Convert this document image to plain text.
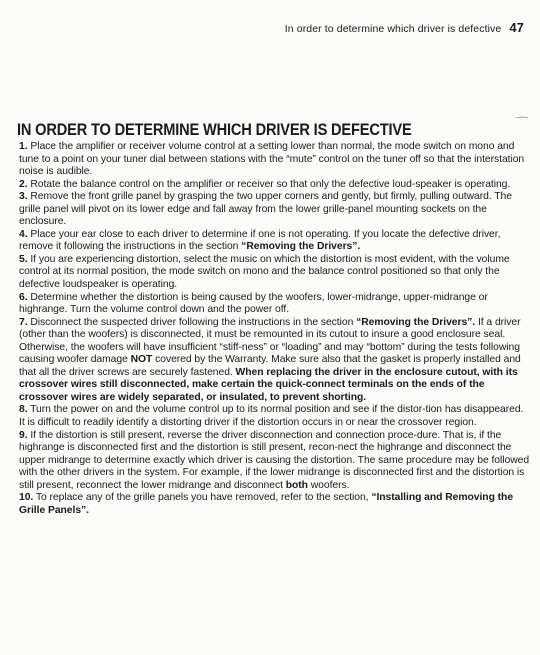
In order to determine which driver is defective 47
IN ORDER TO DETERMINE WHICH DRIVER IS DEFECTIVE

1. Place the amplifier or receiver volume control at a setting lower than normal, the mode switch on mono and tune to a point on your tuner dial between stations with the “mute” control on the tuner off so that the interstation noise is audible.

2. Rotate the balance control on the amplifier or receiver so that only the defective loud-speaker is operating.

3. Remove the front grille panel by grasping the two upper corners and gently, but firmly, pulling outward. The grille panel will pivot on its lower edge and fall away from the lower grille-panel mounting sockets on the enclosure.

4. Place your ear close to each driver to determine if one is not operating. If you locate the defective driver, remove it following the instructions in the section “Removing the Drivers”.

5. If you are experiencing distortion, select the music on which the distortion is most evident, with the volume control at its normal position, the mode switch on mono and the balance control positioned so that only the defective loudspeaker is operating.

6. Determine whether the distortion is being caused by the woofers, lower-midrange, upper-midrange or highrange. Turn the volume control down and the power off.

7. Disconnect the suspected driver following the instructions in the section “Removing the Drivers”. If a driver (other than the woofers) is disconnected, it must be remounted in its cutout to insure a good enclosure seal. Otherwise, the woofers will have insufficient “stiff-ness” or “loading” and may “bottom” during the tests following causing woofer damage NOT covered by the Warranty. Make sure also that the gasket is properly installed and that all the driver screws are securely fastened. When replacing the driver in the enclosure cutout, with its crossover wires still disconnected, make certain the quick-connect terminals on the ends of the crossover wires are widely separated, or insulated, to prevent shorting.

8. Turn the power on and the volume control up to its normal position and see if the distor-tion has disappeared. It is difficult to readily identify a distorting driver if the distortion occurs in or near the crossover region.

9. If the distortion is still present, reverse the driver disconnection and connection proce-dure. That is, if the highrange is disconnected first and the distortion is still present, recon-nect the highrange and disconnect the upper midrange to determine exactly which driver is causing the distortion. The same procedure may be followed with the other drivers in the system. For example, if the lower midrange is disconnected first and the distortion is still present, reconnect the lower midrange and disconnect both woofers.

10. To replace any of the grille panels you have removed, refer to the section, “Installing and Removing the Grille Panels”.
